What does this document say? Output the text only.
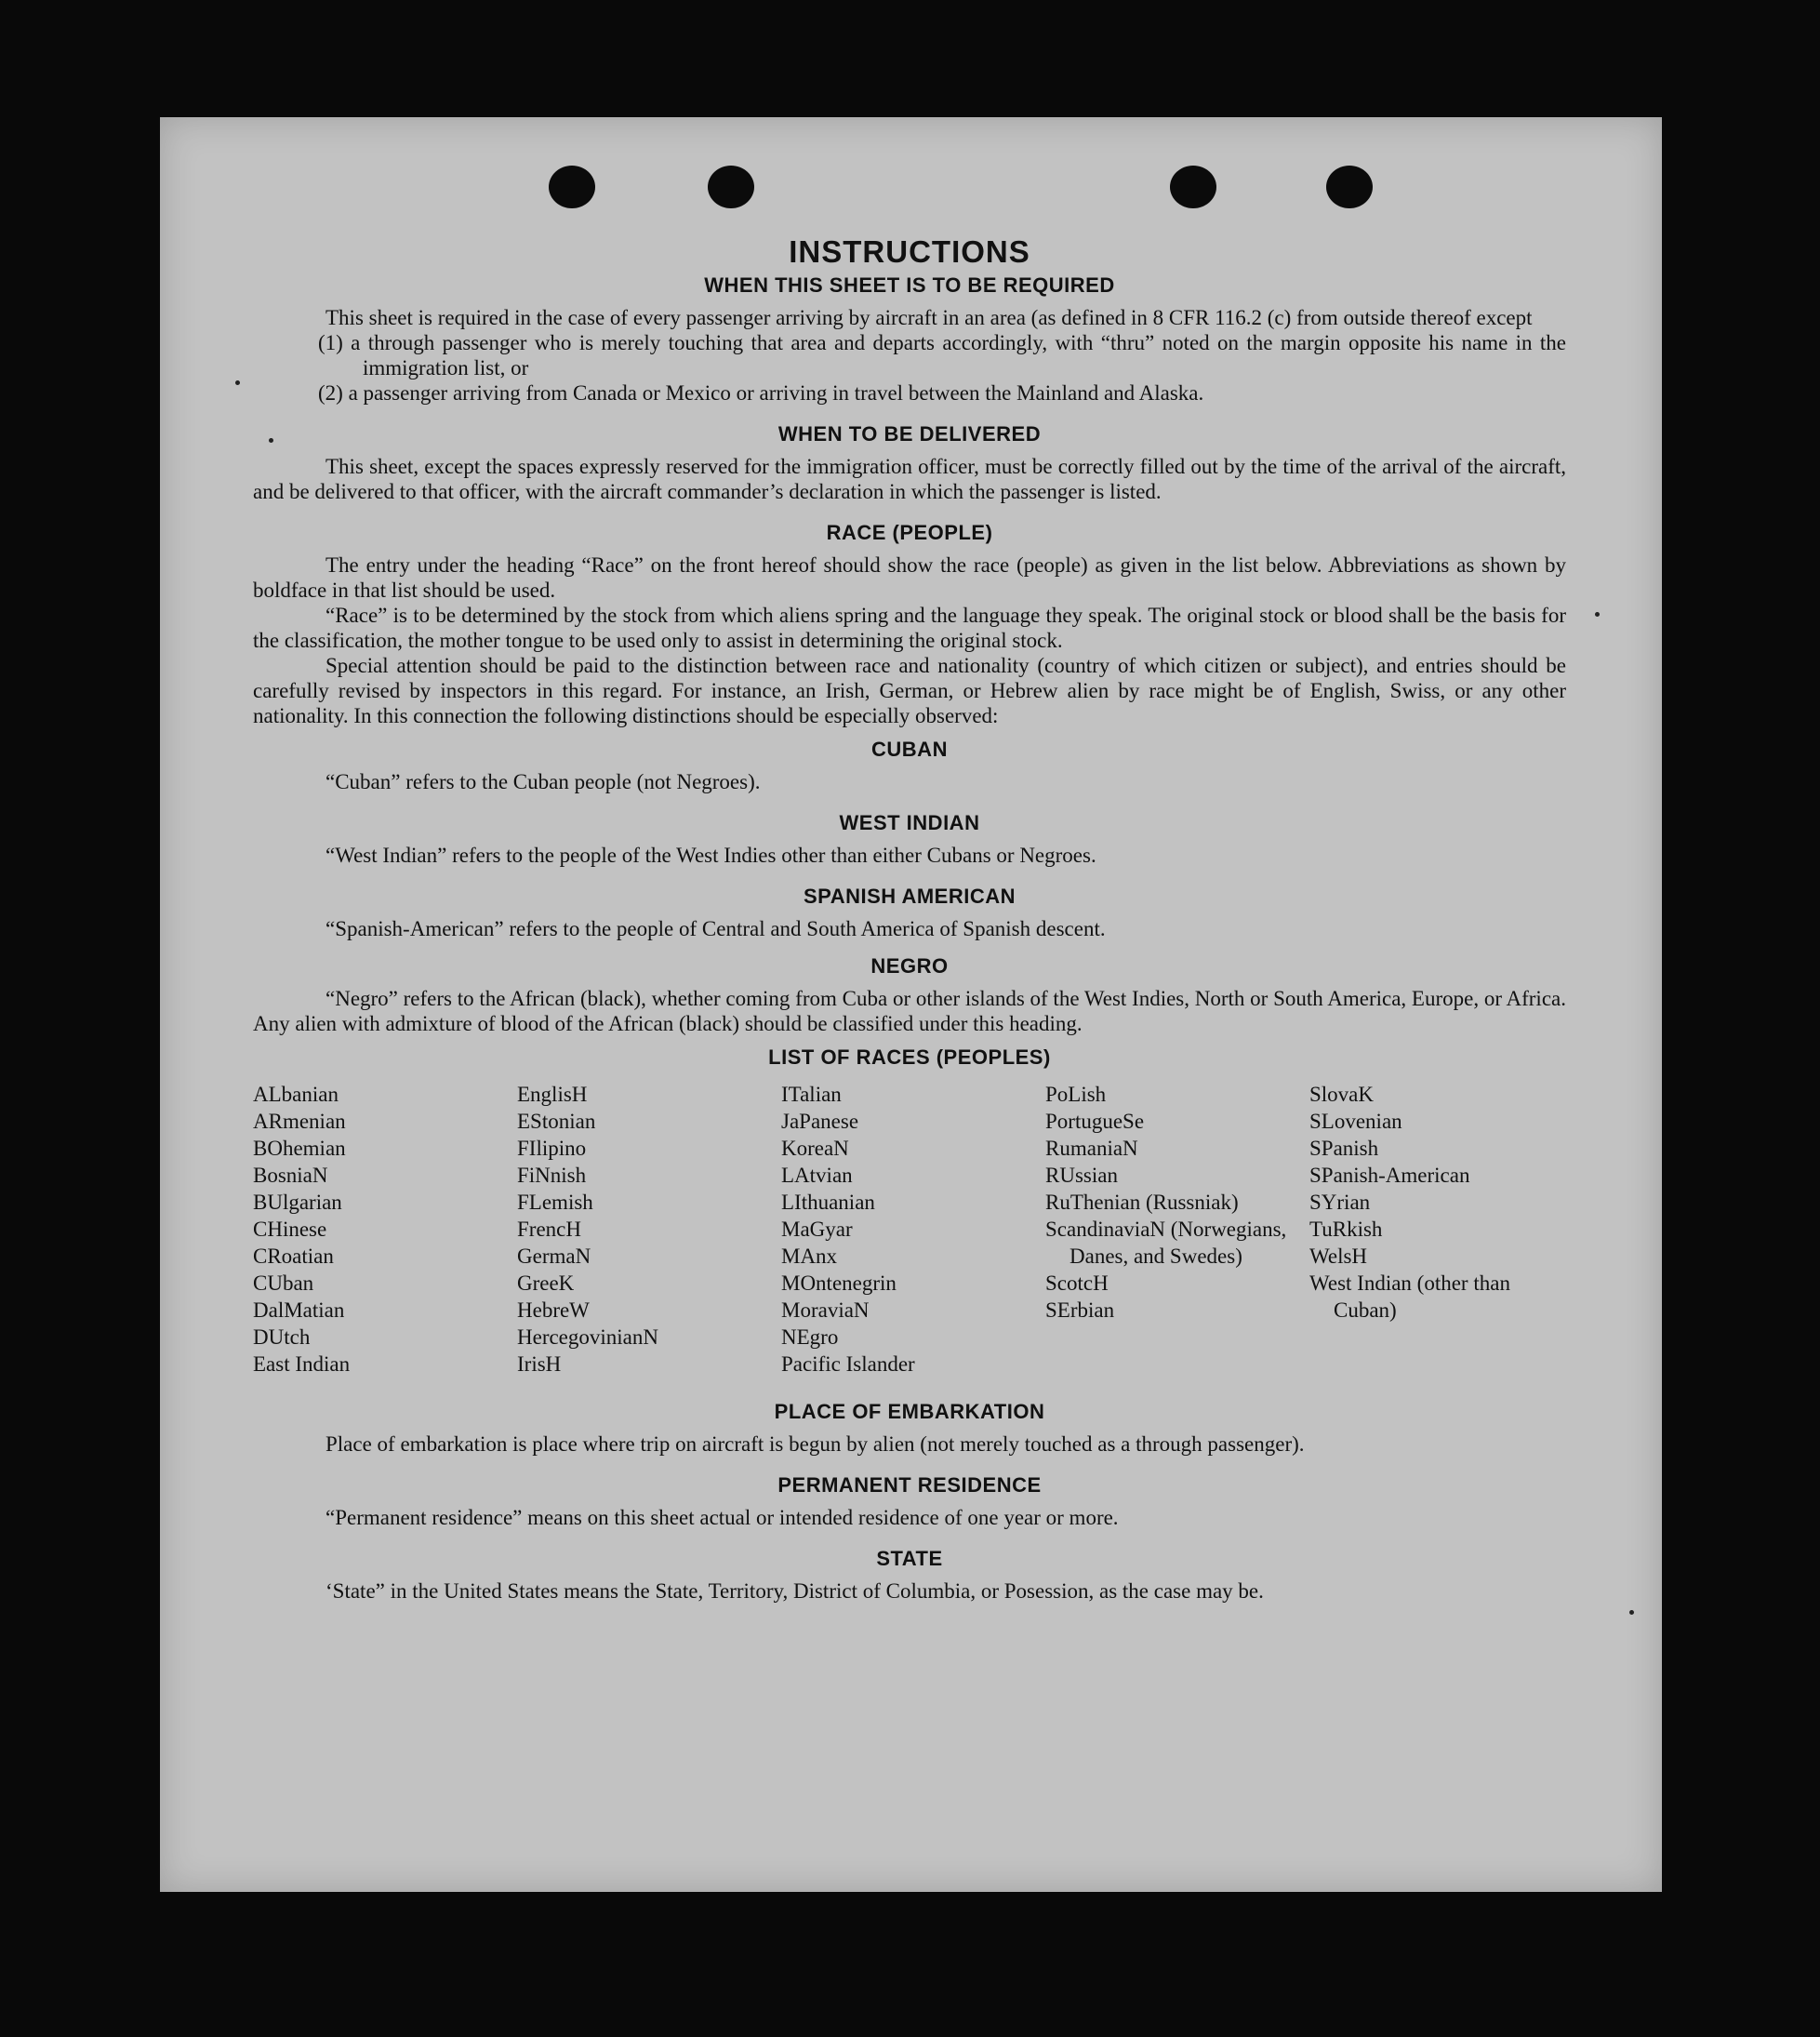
INSTRUCTIONS
WHEN THIS SHEET IS TO BE REQUIRED

This sheet is required in the case of every passenger arriving by aircraft in an area (as defined in 8 CFR 116.2 (c) from outside thereof except

(1) a through passenger who is merely touching that area and departs accordingly, with “thru” noted on the margin opposite his name in the immigration list, or
(2) a passenger arriving from Canada or Mexico or arriving in travel between the Mainland and Alaska.
WHEN TO BE DELIVERED

This sheet, except the spaces expressly reserved for the immigration officer, must be correctly filled out by the time of the arrival of the aircraft, and be delivered to that officer, with the aircraft commander’s declaration in which the passenger is listed.

RACE (PEOPLE)

The entry under the heading “Race” on the front hereof should show the race (people) as given in the list below. Abbreviations as shown by boldface in that list should be used.

“Race” is to be determined by the stock from which aliens spring and the language they speak. The original stock or blood shall be the basis for the classification, the mother tongue to be used only to assist in determining the original stock.

Special attention should be paid to the distinction between race and nationality (country of which citizen or subject), and entries should be carefully revised by inspectors in this regard. For instance, an Irish, German, or Hebrew alien by race might be of English, Swiss, or any other nationality. In this connection the following distinctions should be especially observed:

CUBAN

“Cuban” refers to the Cuban people (not Negroes).

WEST INDIAN

“West Indian” refers to the people of the West Indies other than either Cubans or Negroes.

SPANISH AMERICAN

“Spanish-American” refers to the people of Central and South America of Spanish descent.

NEGRO

“Negro” refers to the African (black), whether coming from Cuba or other islands of the West Indies, North or South America, Europe, or Africa. Any alien with admixture of blood of the African (black) should be classified under this heading.

LIST OF RACES (PEOPLES)
ALbanian
ARmenian
BOhemian
BosniaN
BUlgarian
CHinese
CRoatian
CUban
DalMatian
DUtch
East Indian
EnglisH
EStonian
FIlipino
FiNnish
FLemish
FrencH
GermaN
GreeK
HebreW
HercegovinianN
IrisH
ITalian
JaPanese
KoreaN
LAtvian
LIthuanian
MaGyar
MAnx
MOntenegrin
MoraviaN
NEgro
Pacific Islander
PoLish
PortugueSe
RumaniaN
RUssian
RuThenian (Russniak)
ScandinaviaN (Norwegians, Danes, and Swedes)
ScotcH
SErbian
SlovaK
SLovenian
SPanish
SPanish-American
SYrian
TuRkish
WelsH
West Indian (other than Cuban)
PLACE OF EMBARKATION

Place of embarkation is place where trip on aircraft is begun by alien (not merely touched as a through passenger).

PERMANENT RESIDENCE

“Permanent residence” means on this sheet actual or intended residence of one year or more.

STATE

‘State” in the United States means the State, Territory, District of Columbia, or Posession, as the case may be.
